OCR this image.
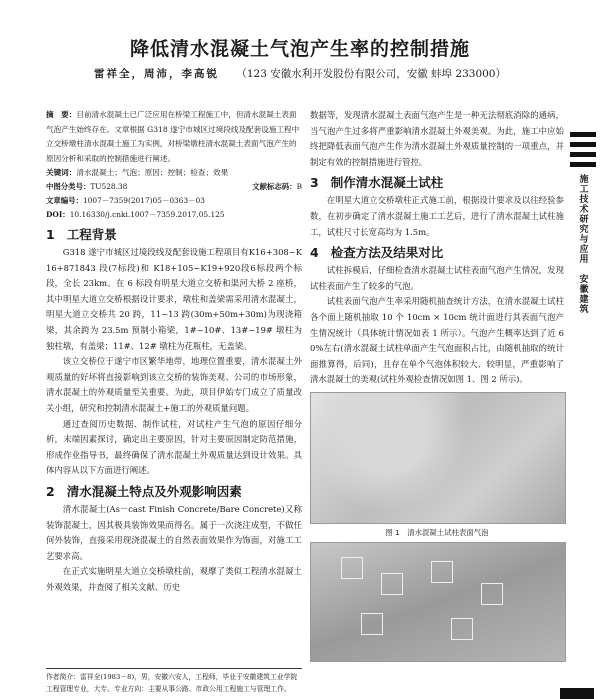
降低清水混凝土气泡产生率的控制措施
雷祥全，周沛，李高锐 （123 安徽水利开发股份有限公司，安徽 蚌埠 233000）

摘　要：目前清水混凝土已广泛应用在桥梁工程施工中，但清水混凝土表面气泡产生始终存在。文章根据 G318 遂宁市城区过境段线及配套设施工程中立交桥墩柱清水混凝土施工为实例，对桥梁墩柱清水混凝土表面气泡产生的原因分析和采取的控制措施进行阐述。

关键词：清水混凝土；气泡；原因；控制；检查；效果

中图分类号：TU528.38	文献标志码：B

文章编号：1007－7359(2017)05－0363－03

DOI：10.16330/j.cnki.1007－7359.2017.05.125

1 工程背景

G318 遂宁市城区过境段线及配套设施工程项目有K16+308~K16+871843 段(7标段)和 K18+105~K19+920段6标段两个标段，全长 23km。在 6 标段有明星大道立交桥和渠河大桥 2 座桥，其中明星大道立交桥根据设计要求，墩柱和盖梁需采用清水混凝土，明星大道立交桥共 20 跨，11~13 跨(30m+50m+30m)为现浇箱梁，其余跨为 23.5m 预制小箱梁，1#~10#、13#~19# 墩柱为独柱墩，有盖梁；11#、12# 墩柱为花瓶柱，无盖梁。

该立交桥位于遂宁市区繁华地带，地理位置重要，清水混凝土外观质量的好坏将直接影响到该立交桥的装饰美观、公司的市场形象，清水混凝土的外观质量至关重要。为此，项目伊始专门成立了质量改关小组，研究和控制清水混凝土+施工的外观质量问题。

通过查阅历史数据、制作试柱，对试柱产生气泡的原因仔细分析，末端因素探讨，确定出主要原因，针对主要原因制定防范措施，形成作业指导书，最终确保了清水混凝土外观质量达到设计效果。具体内容从以下方面进行阐述。

2 清水混凝土特点及外观影响因素

清水混凝土(As－cast Finish Concrete/Bare Concrete)又称装饰混凝土，因其极具装饰效果而得名。属于一次浇注成型，不做任何外装饰，直接采用现浇混凝土的自然表面效果作为饰面，对施工工艺要求高。

在正式实施明星大道立交桥墩柱前，观摩了类似工程清水混凝土外观效果，并查阅了相关文献、历史

数据等，发现清水混凝土表面气泡产生是一种无法彻底消除的通病，当气泡产生过多将严重影响清水混凝土外观美观。为此，施工中应始终把降低表面气泡产生作为清水混凝土外观质量控制的一项重点，并制定有效的控制措施进行管控。

3 制作清水混凝土试柱

在明星大道立交桥墩柱正式施工前，根据设计要求及以往经验参数，在初步确定了清水混凝土施工工艺后，进行了清水混凝土试柱施工，试柱尺寸长宽高均为 1.5m。

4 检查方法及结果对比

试柱拆模后，仔细检查清水混凝土试柱表面气泡产生情况，发现试柱表面产生了较多的气泡。

试柱表面气泡产生率采用随机抽查统计方法，在清水混凝土试柱各个面上随机抽取 10 个 10cm × 10cm 统计面进行其表面气泡产生情况统计（具体统计情况如表 1 所示）。气泡产生概率达到了近 60%左右(清水混凝土试柱单面产生气泡面积占比，由随机抽取的统计面推算得，后同)，且存在单个气泡体积较大、较明显，严重影响了清水混凝土的美观(试柱外观检查情况如图 1、图 2 所示)。

图 1　清水混凝土试柱表面气泡
施工技术研究与应用　安徽建筑
作者简介：雷祥全(1983－8)，男，安徽六安人，工程师，毕业于安徽建筑工业学院工程管理专业，大专。专业方向：主要从事公路、市政公用工程施工与管理工作。
